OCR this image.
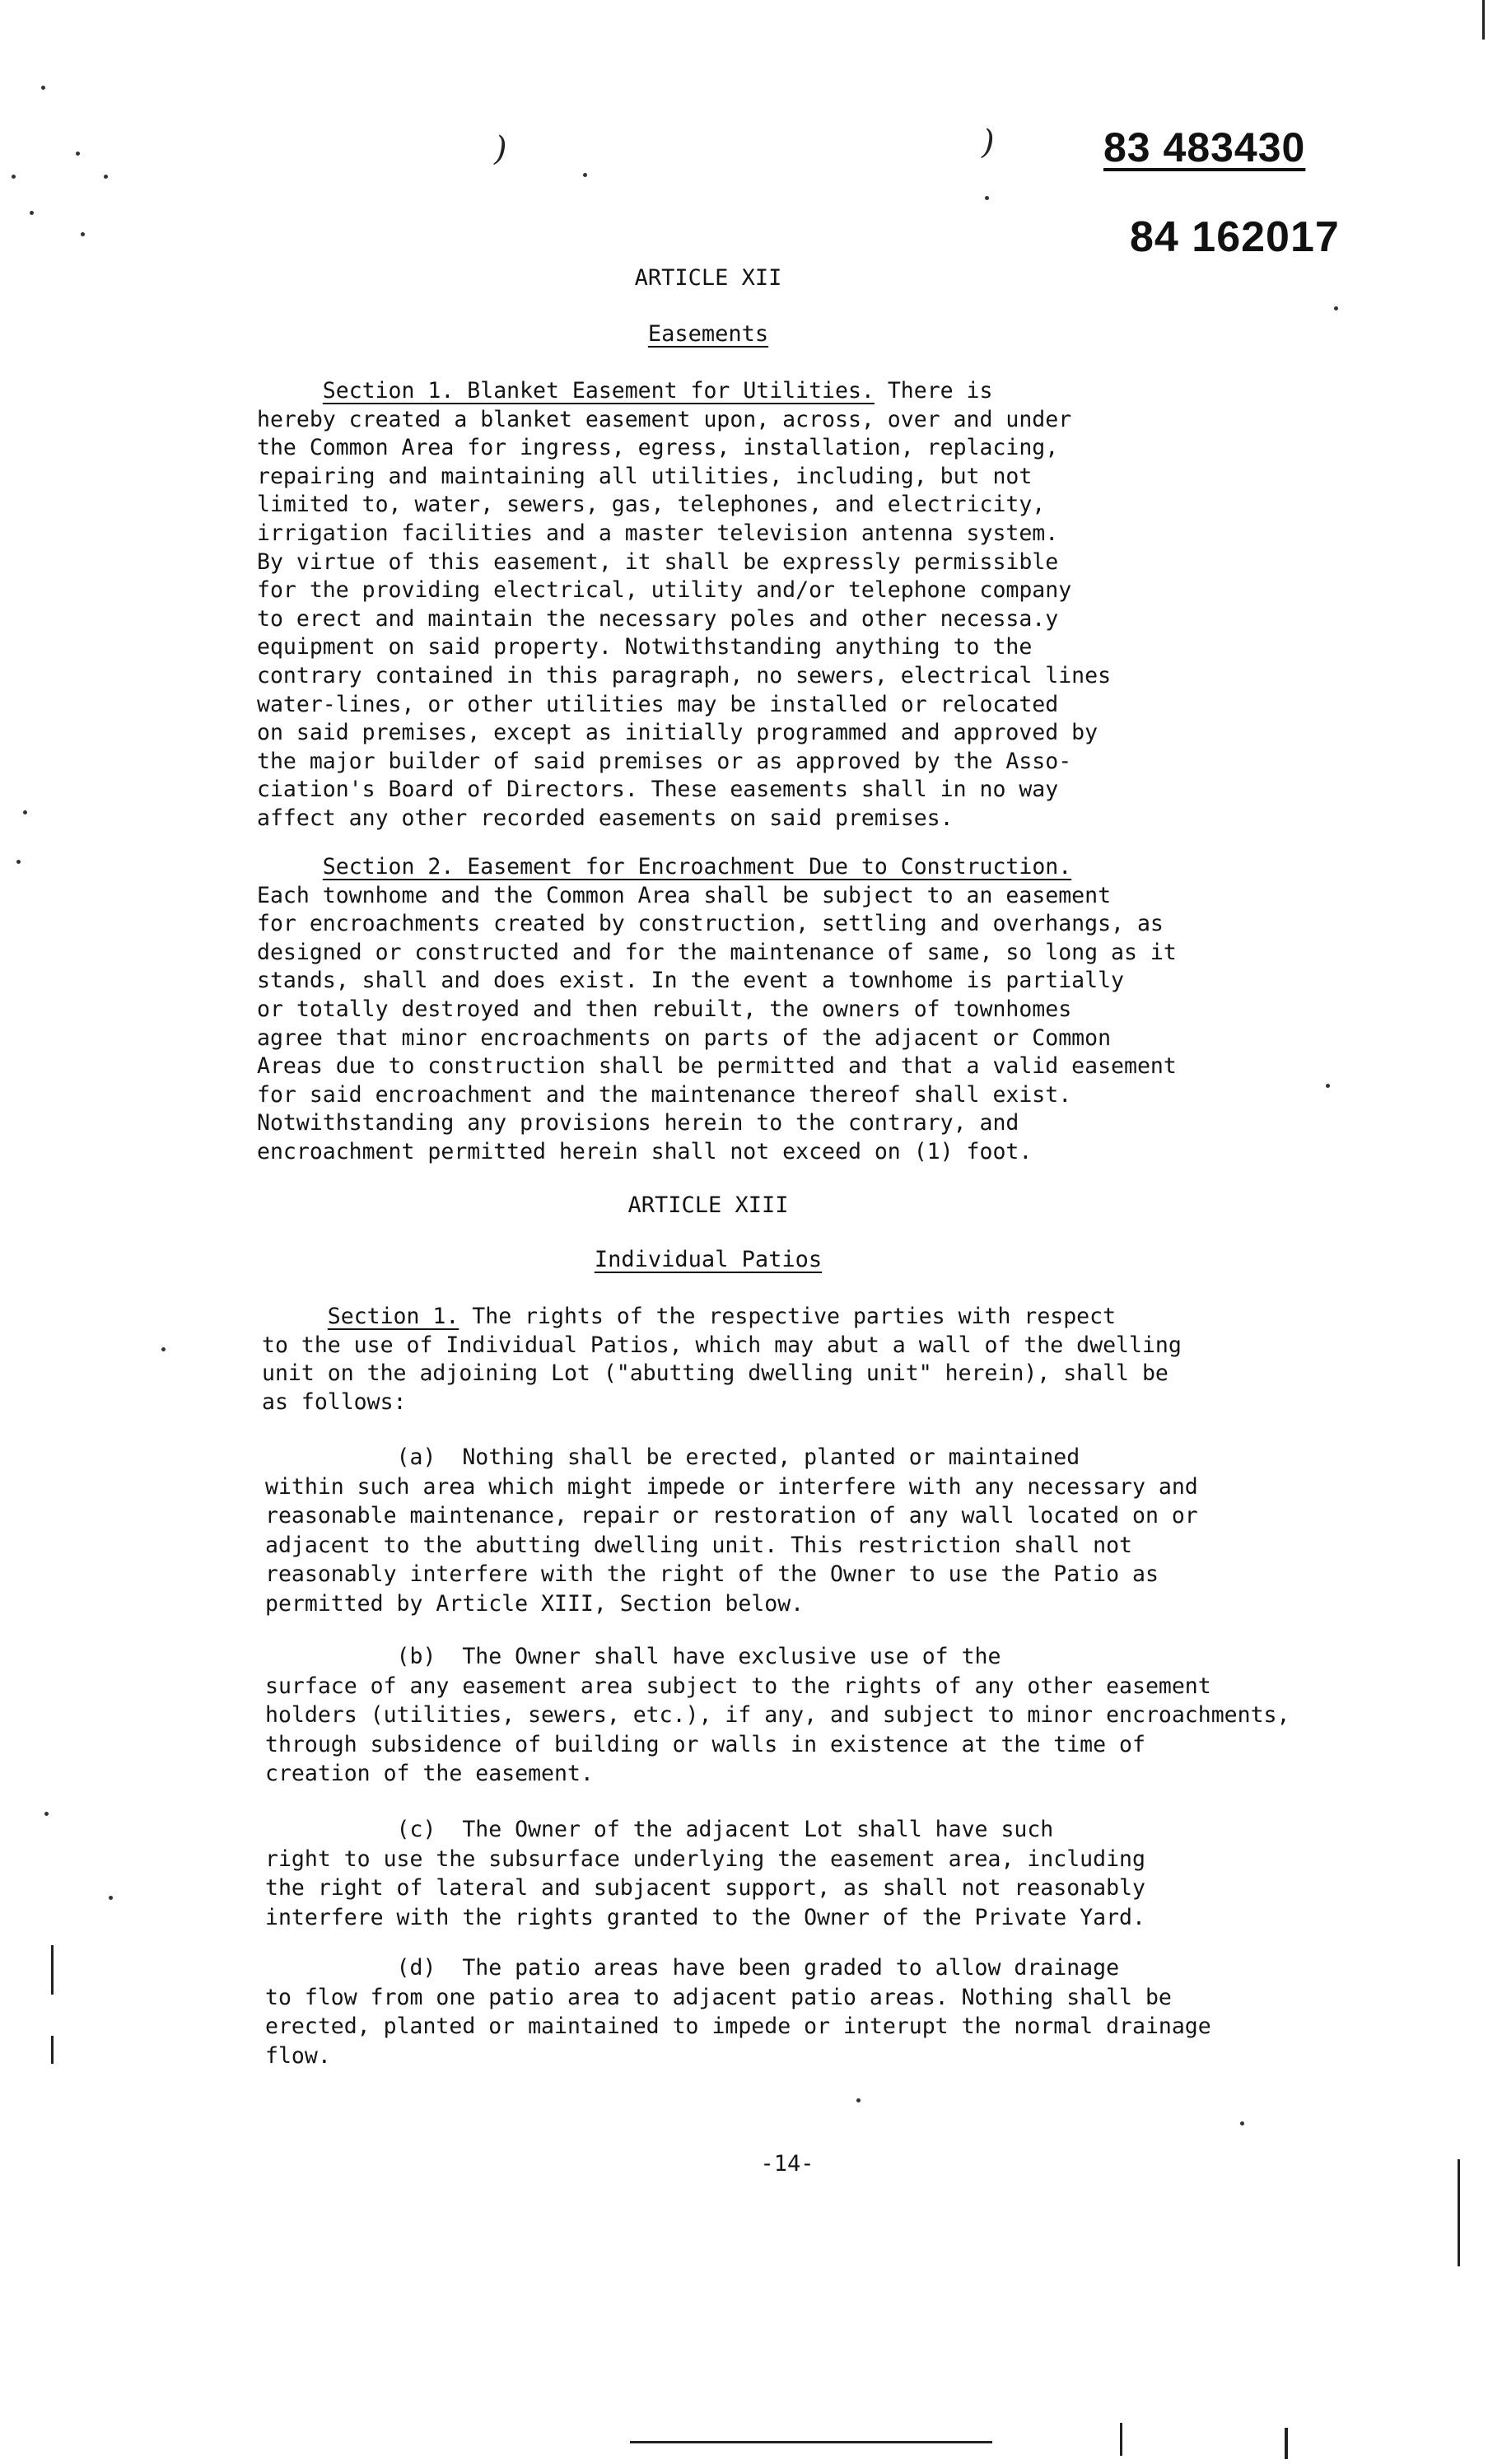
)	)	83 483430
84 162017
ARTICLE XII
Easements
Section 1. Blanket Easement for Utilities. There is
hereby created a blanket easement upon, across, over and under
the Common Area for ingress, egress, installation, replacing,
repairing and maintaining all utilities, including, but not
limited to, water, sewers, gas, telephones, and electricity,
irrigation facilities and a master television antenna system.
By virtue of this easement, it shall be expressly permissible
for the providing electrical, utility and/or telephone company
to erect and maintain the necessary poles and other necessa.y
equipment on said property. Notwithstanding anything to the
contrary contained in this paragraph, no sewers, electrical lines
water-lines, or other utilities may be installed or relocated
on said premises, except as initially programmed and approved by
the major builder of said premises or as approved by the Asso-
ciation's Board of Directors. These easements shall in no way
affect any other recorded easements on said premises.
Section 2. Easement for Encroachment Due to Construction.
Each townhome and the Common Area shall be subject to an easement
for encroachments created by construction, settling and overhangs, as
designed or constructed and for the maintenance of same, so long as it
stands, shall and does exist. In the event a townhome is partially
or totally destroyed and then rebuilt, the owners of townhomes
agree that minor encroachments on parts of the adjacent or Common
Areas due to construction shall be permitted and that a valid easement
for said encroachment and the maintenance thereof shall exist.
Notwithstanding any provisions herein to the contrary, and
encroachment permitted herein shall not exceed on (1) foot.
ARTICLE XIII
Individual Patios
Section 1. The rights of the respective parties with respect
to the use of Individual Patios, which may abut a wall of the dwelling
unit on the adjoining Lot ("abutting dwelling unit" herein), shall be
as follows:
(a)  Nothing shall be erected, planted or maintained
within such area which might impede or interfere with any necessary and
reasonable maintenance, repair or restoration of any wall located on or
adjacent to the abutting dwelling unit. This restriction shall not
reasonably interfere with the right of the Owner to use the Patio as
permitted by Article XIII, Section below.
(b)  The Owner shall have exclusive use of the
surface of any easement area subject to the rights of any other easement
holders (utilities, sewers, etc.), if any, and subject to minor encroachments,
through subsidence of building or walls in existence at the time of
creation of the easement.
(c)  The Owner of the adjacent Lot shall have such
right to use the subsurface underlying the easement area, including
the right of lateral and subjacent support, as shall not reasonably
interfere with the rights granted to the Owner of the Private Yard.
(d)  The patio areas have been graded to allow drainage
to flow from one patio area to adjacent patio areas. Nothing shall be
erected, planted or maintained to impede or interupt the normal drainage
flow.
-14-
